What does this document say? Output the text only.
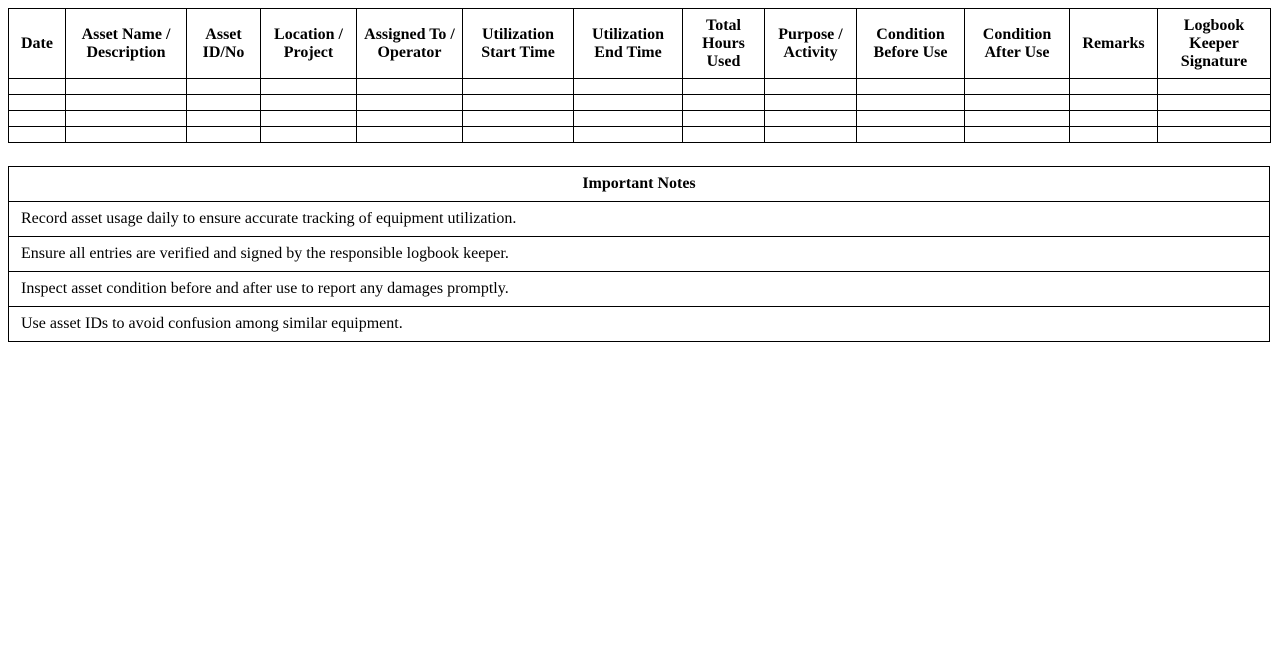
Date	Asset Name / Description	Asset ID/No	Location / Project	Assigned To / Operator	Utilization Start Time	Utilization End Time	Total Hours Used	Purpose / Activity	Condition Before Use	Condition After Use	Remarks	Logbook Keeper Signature

Important Notes
Record asset usage daily to ensure accurate tracking of equipment utilization.
Ensure all entries are verified and signed by the responsible logbook keeper.
Inspect asset condition before and after use to report any damages promptly.
Use asset IDs to avoid confusion among similar equipment.
